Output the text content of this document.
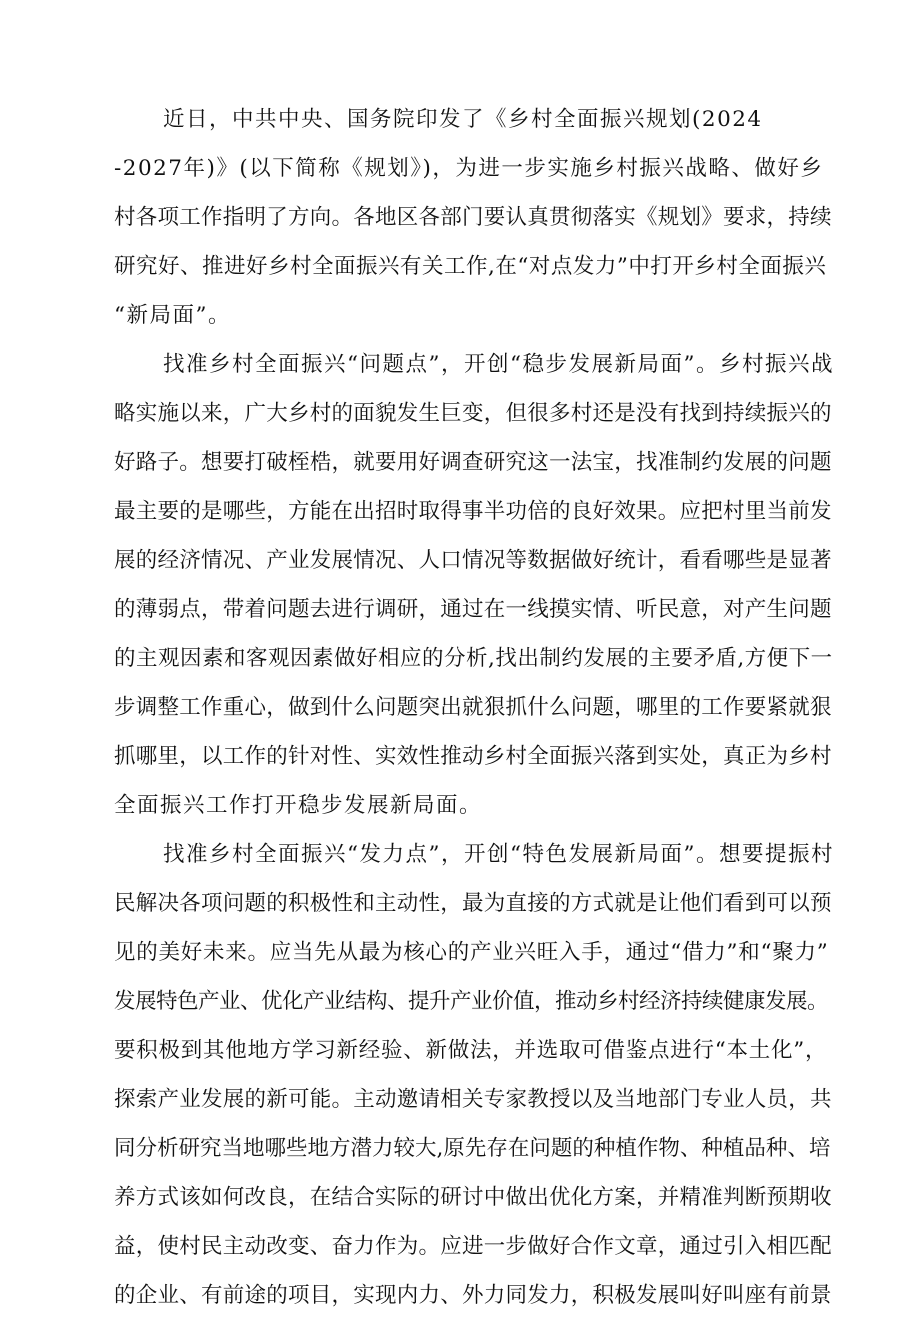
近日，中共中央、国务院印发了《乡村全面振兴规划(2024
-2027年)》(以下简称《规划》)，为进一步实施乡村振兴战略、做好乡
村各项工作指明了方向。各地区各部门要认真贯彻落实《规划》要求，持续
研究好、推进好乡村全面振兴有关工作,在“对点发力”中打开乡村全面振兴
“新局面”。
找准乡村全面振兴“问题点”，开创“稳步发展新局面”。乡村振兴战
略实施以来，广大乡村的面貌发生巨变，但很多村还是没有找到持续振兴的
好路子。想要打破桎梏，就要用好调查研究这一法宝，找准制约发展的问题
最主要的是哪些，方能在出招时取得事半功倍的良好效果。应把村里当前发
展的经济情况、产业发展情况、人口情况等数据做好统计，看看哪些是显著
的薄弱点，带着问题去进行调研，通过在一线摸实情、听民意，对产生问题
的主观因素和客观因素做好相应的分析,找出制约发展的主要矛盾,方便下一
步调整工作重心，做到什么问题突出就狠抓什么问题，哪里的工作要紧就狠
抓哪里，以工作的针对性、实效性推动乡村全面振兴落到实处，真正为乡村
全面振兴工作打开稳步发展新局面。
找准乡村全面振兴“发力点”，开创“特色发展新局面”。想要提振村
民解决各项问题的积极性和主动性，最为直接的方式就是让他们看到可以预
见的美好未来。应当先从最为核心的产业兴旺入手，通过“借力”和“聚力”
发展特色产业、优化产业结构、提升产业价值，推动乡村经济持续健康发展。
要积极到其他地方学习新经验、新做法，并选取可借鉴点进行“本土化”，
探索产业发展的新可能。主动邀请相关专家教授以及当地部门专业人员，共
同分析研究当地哪些地方潜力较大,原先存在问题的种植作物、种植品种、培
养方式该如何改良，在结合实际的研讨中做出优化方案，并精准判断预期收
益，使村民主动改变、奋力作为。应进一步做好合作文章，通过引入相匹配
的企业、有前途的项目，实现内力、外力同发力，积极发展叫好叫座有前景
